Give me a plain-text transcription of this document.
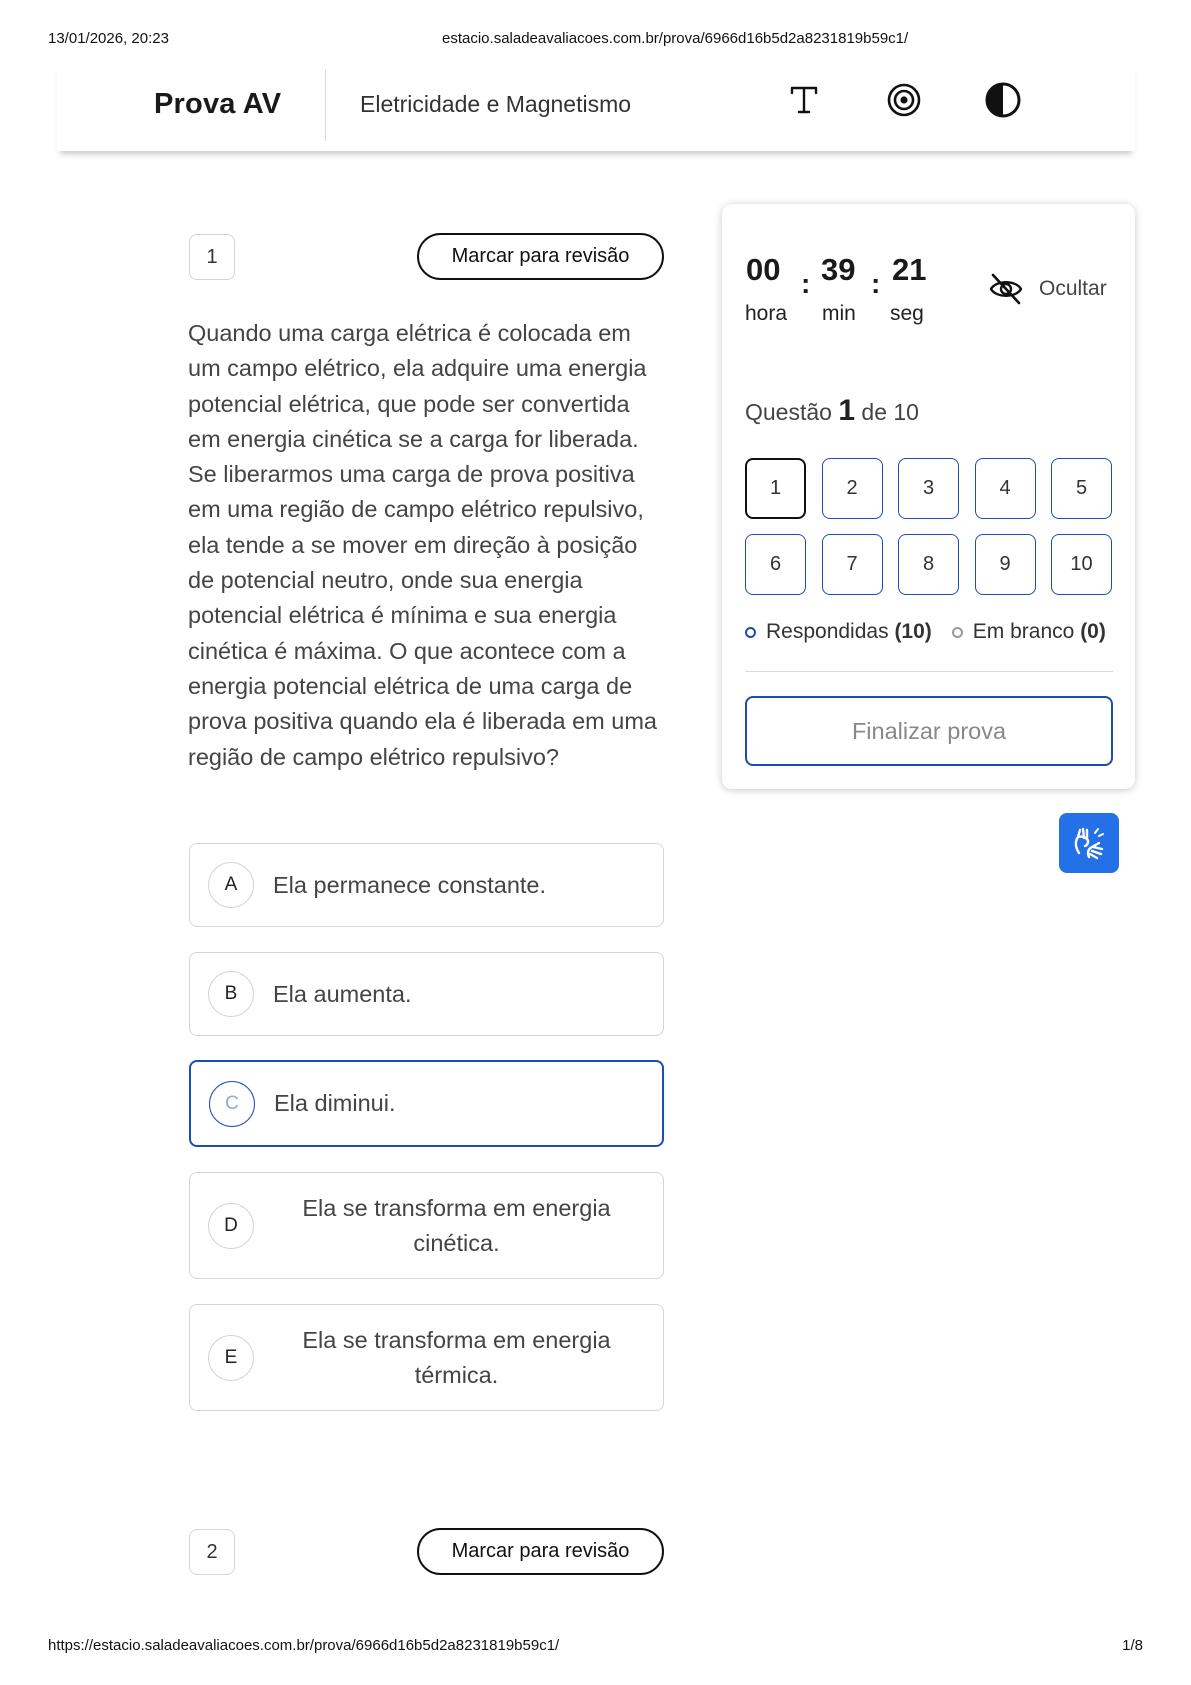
13/01/2026, 20:23	estacio.saladeavaliacoes.com.br/prova/6966d16b5d2a8231819b59c1/
https://estacio.saladeavaliacoes.com.br/prova/6966d16b5d2a8231819b59c1/	1/8
Prova AV	Eletricidade e Magnetismo
1	Marcar para revisão
Quando uma carga elétrica é colocada em um campo elétrico, ela adquire uma energia potencial elétrica, que pode ser convertida em energia cinética se a carga for liberada. Se liberarmos uma carga de prova positiva em uma região de campo elétrico repulsivo, ela tende a se mover em direção à posição de potencial neutro, onde sua energia potencial elétrica é mínima e sua energia cinética é máxima. O que acontece com a energia potencial elétrica de uma carga de prova positiva quando ela é liberada em uma região de campo elétrico repulsivo?
A	Ela permanece constante.
B	Ela aumenta.
C	Ela diminui.
D
Ela se transforma em energia cinética.
E
Ela se transforma em energia térmica.
2	Marcar para revisão
00 : 39 : 21
hora min seg
Ocultar
Questão 1 de 10
1	2	3	4	5
6	7	8	9	10
Respondidas
(10) Em branco
(0)
Finalizar prova
